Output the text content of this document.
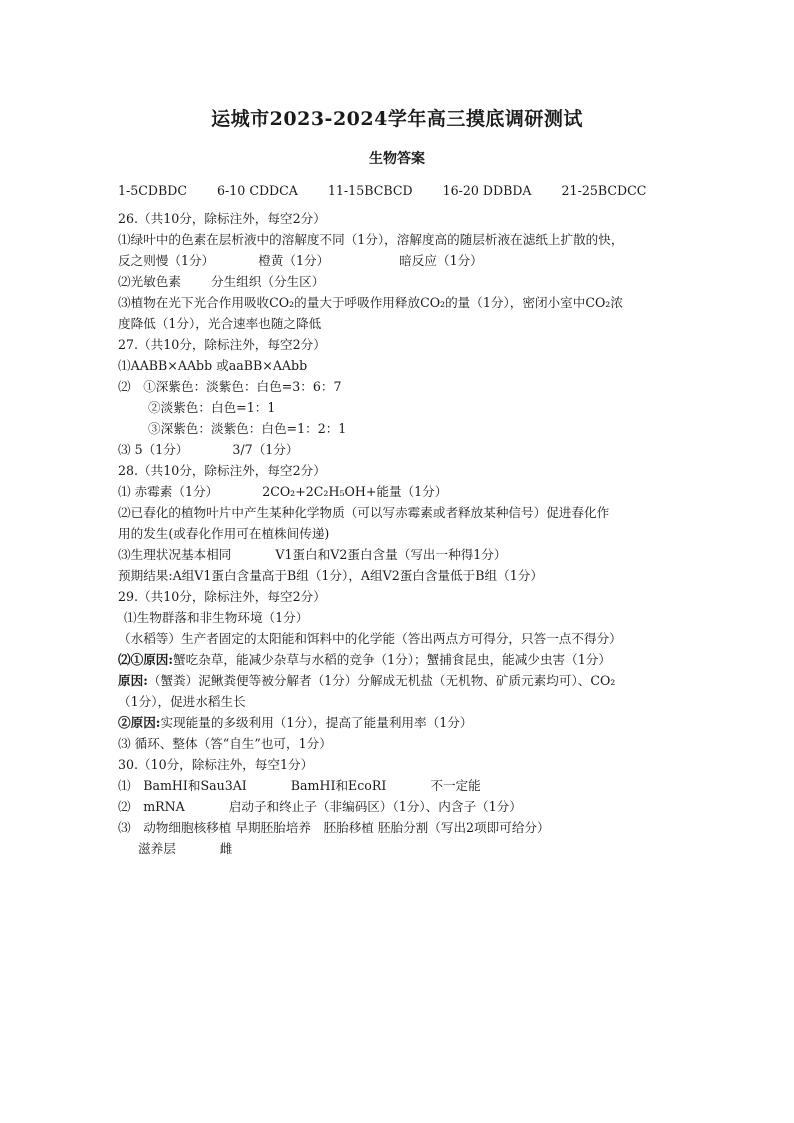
运城市2023-2024学年高三摸底调研测试
生物答案
1-5CDBDC 6-10 CDDCA 11-15BCBCD 16-20 DDBDA 21-25BCDCC
26.（共10分，除标注外，每空2分）
⑴绿叶中的色素在层析液中的溶解度不同（1分），溶解度高的随层析液在滤纸上扩散的快，
反之则慢（1分）	橙黄（1分）	暗反应（1分）
⑵光敏色素 分生组织（分生区）
⑶植物在光下光合作用吸收CO₂的量大于呼吸作用释放CO₂的量（1分），密闭小室中CO₂浓
度降低（1分），光合速率也随之降低
27.（共10分，除标注外，每空2分）
⑴AABB×AAbb 或aaBB×AAbb
⑵　①深紫色：淡紫色：白色=3：6：7
②淡紫色：白色=1：1
③深紫色：淡紫色：白色=1：2：1
⑶ 5（1分）	3/7（1分）
28.（共10分，除标注外，每空2分）
⑴ 赤霉素（1分）	2CO₂+2C₂H₅OH+能量（1分）
⑵已春化的植物叶片中产生某种化学物质（可以写赤霉素或者释放某种信号）促进春化作
用的发生(或春化作用可在植株间传递)
⑶生理状况基本相同	V1蛋白和V2蛋白含量（写出一种得1分）
预期结果:A组V1蛋白含量高于B组（1分），A组V2蛋白含量低于B组（1分）
29.（共10分，除标注外，每空2分）
⑴生物群落和非生物环境（1分）
（水稻等）生产者固定的太阳能和饵料中的化学能（答出两点方可得分，只答一点不得分）
⑵①原因:蟹吃杂草，能减少杂草与水稻的竞争（1分）；蟹捕食昆虫，能减少虫害（1分）
原因:（蟹粪）泥鳅粪便等被分解者（1分）分解成无机盐（无机物、矿质元素均可）、CO₂
（1分），促进水稻生长
②原因:实现能量的多级利用（1分），提高了能量利用率（1分）
⑶ 循环、整体（答“自生”也可，1分）
30.（10分，除标注外，每空1分）
⑴　BamHⅠ和Sau3AⅠ	BamHⅠ和EcoRⅠ	不一定能
⑵　mRNA	启动子和终止子（非编码区）（1分）、内含子（1分）
⑶　动物细胞核移植 早期胚胎培养　胚胎移植 胚胎分割（写出2项即可给分）
滋养层	雌
